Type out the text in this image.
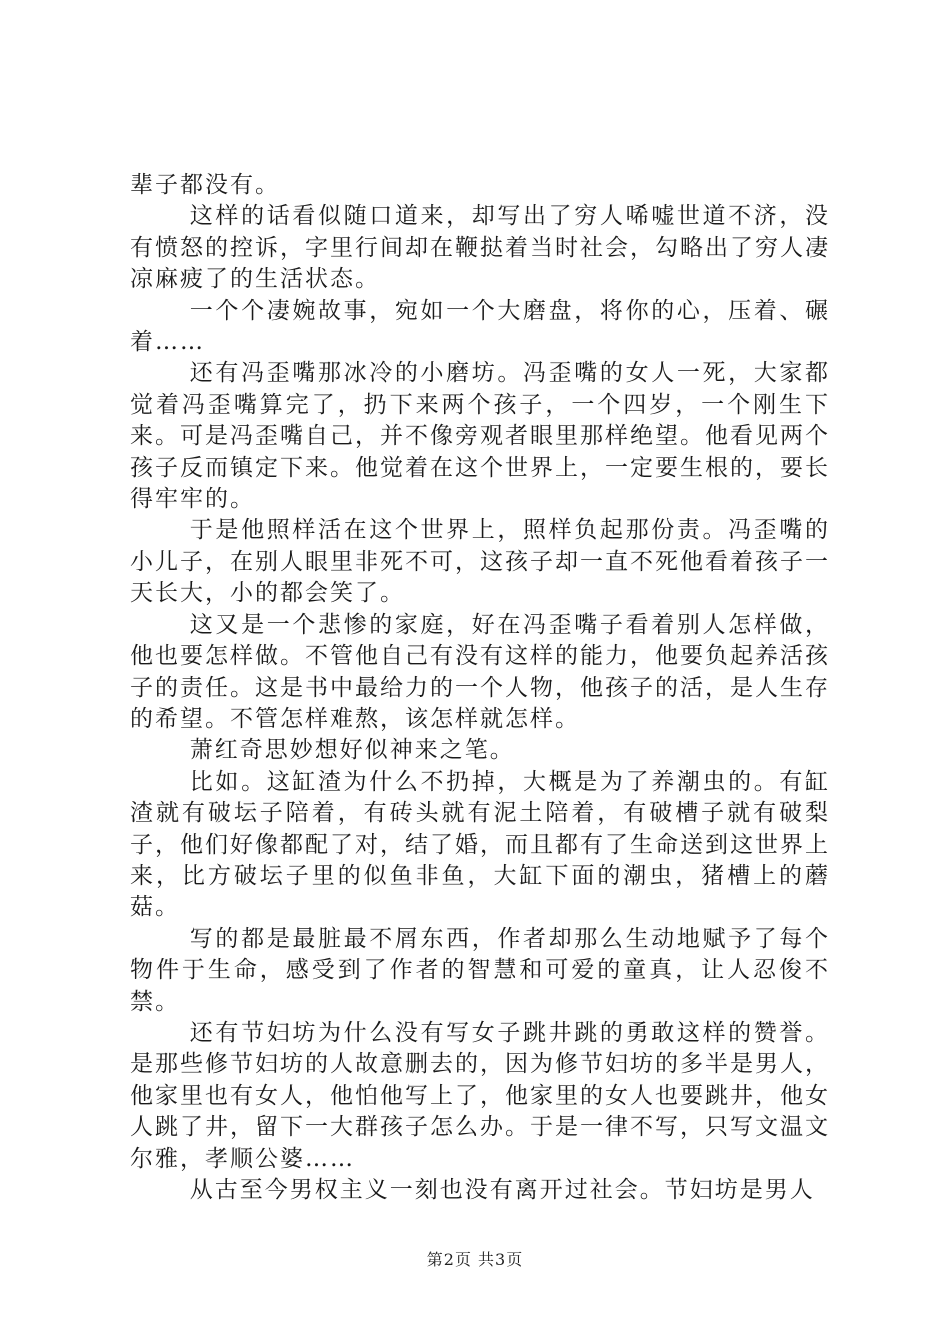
辈子都没有。

这样的话看似随口道来，却写出了穷人唏嘘世道不济，没有愤怒的控诉，字里行间却在鞭挞着当时社会，勾略出了穷人凄凉麻疲了的生活状态。

一个个凄婉故事，宛如一个大磨盘，将你的心，压着、碾着……

还有冯歪嘴那冰冷的小磨坊。冯歪嘴的女人一死，大家都觉着冯歪嘴算完了，扔下来两个孩子，一个四岁，一个刚生下来。可是冯歪嘴自己，并不像旁观者眼里那样绝望。他看见两个孩子反而镇定下来。他觉着在这个世界上，一定要生根的，要长得牢牢的。

于是他照样活在这个世界上，照样负起那份责。冯歪嘴的小儿子，在别人眼里非死不可，这孩子却一直不死他看着孩子一天长大，小的都会笑了。

这又是一个悲惨的家庭，好在冯歪嘴子看着别人怎样做，他也要怎样做。不管他自己有没有这样的能力，他要负起养活孩子的责任。这是书中最给力的一个人物，他孩子的活，是人生存的希望。不管怎样难熬，该怎样就怎样。

萧红奇思妙想好似神来之笔。

比如。这缸渣为什么不扔掉，大概是为了养潮虫的。有缸渣就有破坛子陪着，有砖头就有泥土陪着，有破槽子就有破梨子，他们好像都配了对，结了婚，而且都有了生命送到这世界上来，比方破坛子里的似鱼非鱼，大缸下面的潮虫，猪槽上的蘑菇。

写的都是最脏最不屑东西，作者却那么生动地赋予了每个物件于生命，感受到了作者的智慧和可爱的童真，让人忍俊不禁。

还有节妇坊为什么没有写女子跳井跳的勇敢这样的赞誉。是那些修节妇坊的人故意删去的，因为修节妇坊的多半是男人，他家里也有女人，他怕他写上了，他家里的女人也要跳井，他女人跳了井，留下一大群孩子怎么办。于是一律不写，只写文温文尔雅，孝顺公婆……

从古至今男权主义一刻也没有离开过社会。节妇坊是男人

第2页 共3页
